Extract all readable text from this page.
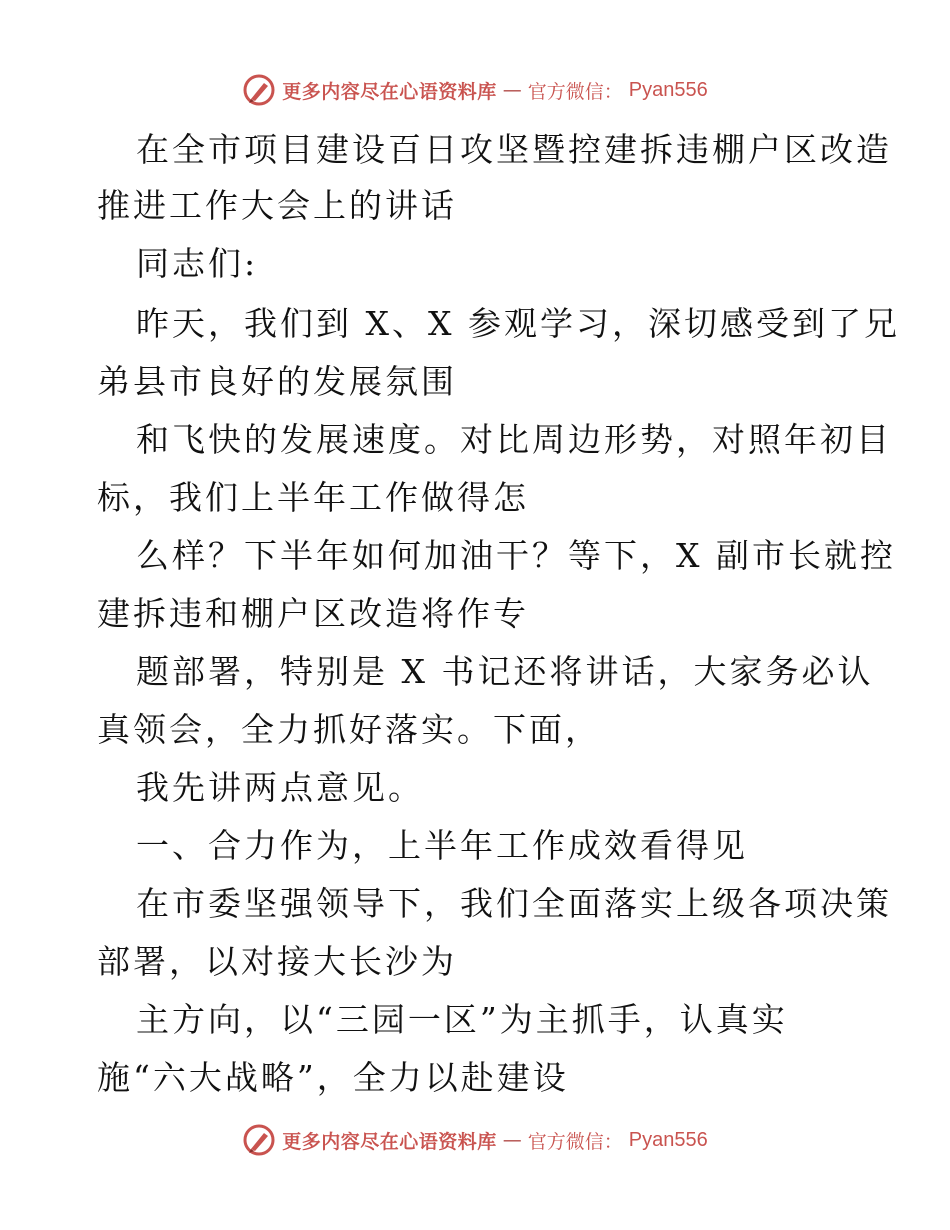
更多内容尽在心语资料库 — 官方微信： Pyan556
在全市项目建设百日攻坚暨控建拆违棚户区改造
推进工作大会上的讲话
同志们:
昨天，我们到 X、X 参观学习，深切感受到了兄
弟县市良好的发展氛围
和飞快的发展速度。对比周边形势，对照年初目
标，我们上半年工作做得怎
么样？下半年如何加油干？等下，X 副市长就控
建拆违和棚户区改造将作专
题部署，特别是 X 书记还将讲话，大家务必认
真领会，全力抓好落实。下面，
我先讲两点意见。
一、合力作为，上半年工作成效看得见
在市委坚强领导下，我们全面落实上级各项决策
部署，以对接大长沙为
主方向，以“三园一区”为主抓手，认真实
施“六大战略”，全力以赴建设
更多内容尽在心语资料库 — 官方微信： Pyan556
